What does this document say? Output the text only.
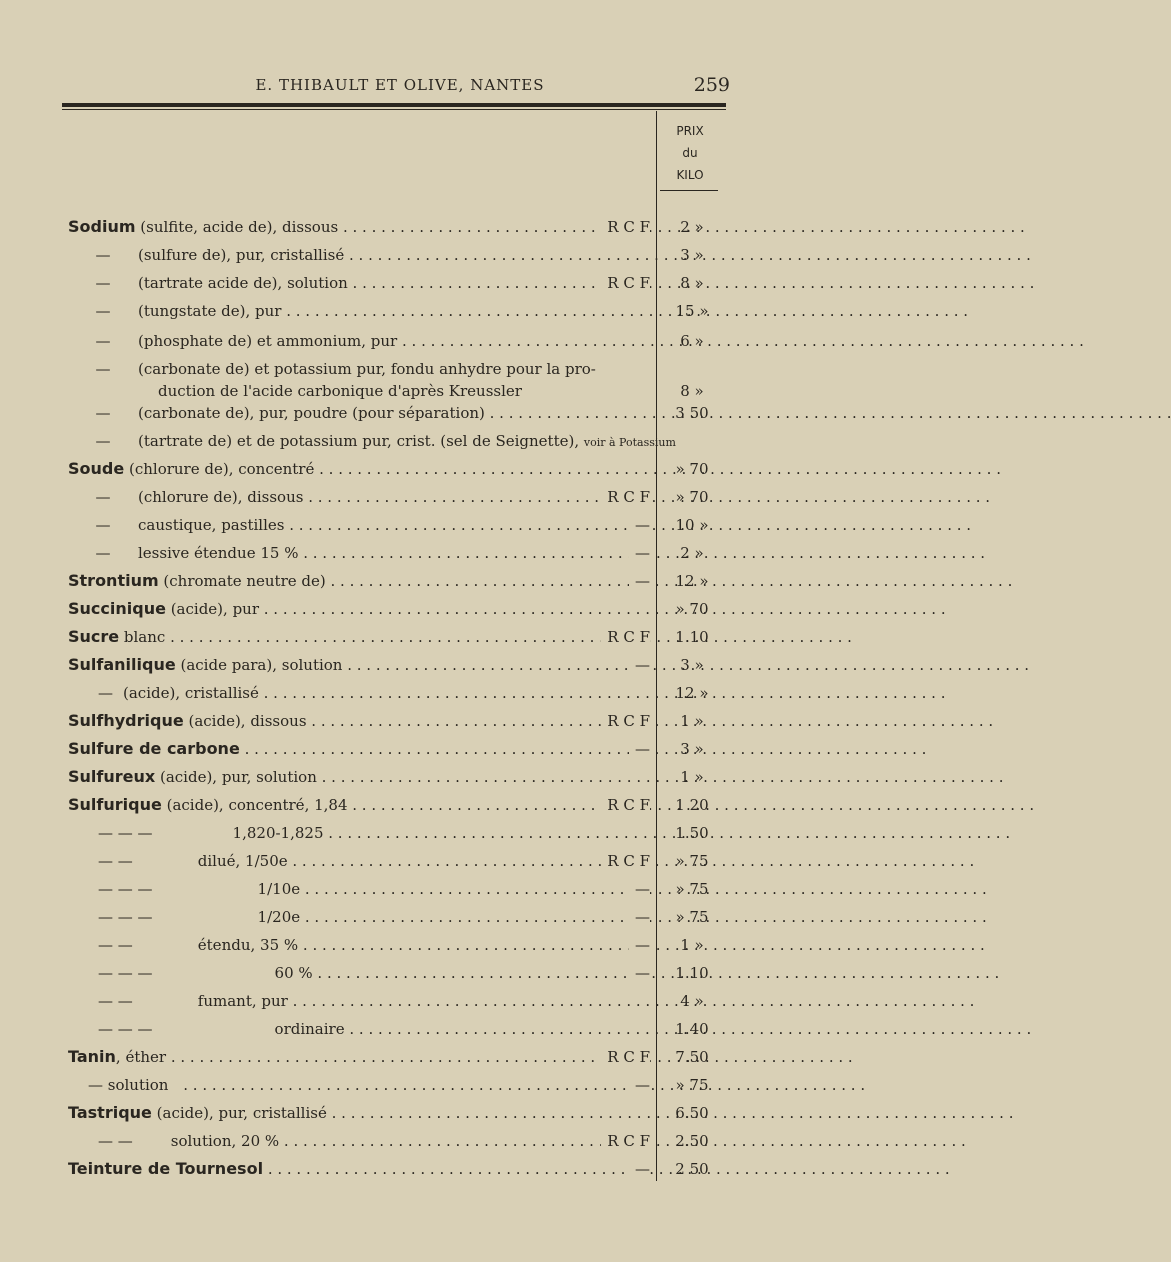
E. THIBAULT ET OLIVE, NANTES	259
PRIX
du
KILO
Sodium (sulfite, acide de), dissous . . .	R C F	2 »
— (sulfure de), pur, cristallisé . . .	3 »
— (tartrate acide de), solution . . .	R C F	8 »
— (tungstate de), pur . . .	15 »
— (phosphate de) et ammonium, pur . . .	6 »
— (carbonate de) et potassium pur, fondu anhydre pour la pro-
duction de l'acide carbonique d'après Kreussler	8 »
— (carbonate de), pur, poudre (pour séparation) . . .	3 50
— (tartrate de) et de potassium pur, crist. (sel de Seignette), voir à Potassium
Soude (chlorure de), concentré . . .	» 70
— (chlorure de), dissous . . .	R C F	» 70
— caustique, pastilles . . .	—	10 »
— lessive étendue 15 % . . .	—	2 »
Strontium (chromate neutre de) . . .	—	12 »
Succinique (acide), pur . . .	» 70
Sucre blanc . . .	R C F	1.10
Sulfanilique (acide para), solution . . .	—	3 »
— (acide), cristallisé . . .	12 »
Sulfhydrique (acide), dissous . . .	R C F	1 »
Sulfure de carbone . . .	—	3 »
Sulfureux (acide), pur, solution . . .	1 »
Sulfurique (acide), concentré, 1,84 . . .	R C F	1 20
— — —	1,820-1,825 . . .	1.50
— —	dilué, 1/50e . . .	R C F	» 75
— — —	1/10e . . .	—	» 75
— — —	1/20e . . .	—	» 75
— —	étendu, 35 % . . .	—	1 »
— — —	60 % . . .	—	1.10
— —	fumant, pur . . .	4 »
— — —	ordinaire . . .	1.40
Tanin, éther . . .	R C F	7.50
— solution . . .	—	» 75
Tastrique (acide), pur, cristallisé . . .	6.50
— —	solution, 20 % . . .	R C F	2.50
Teinture de Tournesol . . .	—	2 50
